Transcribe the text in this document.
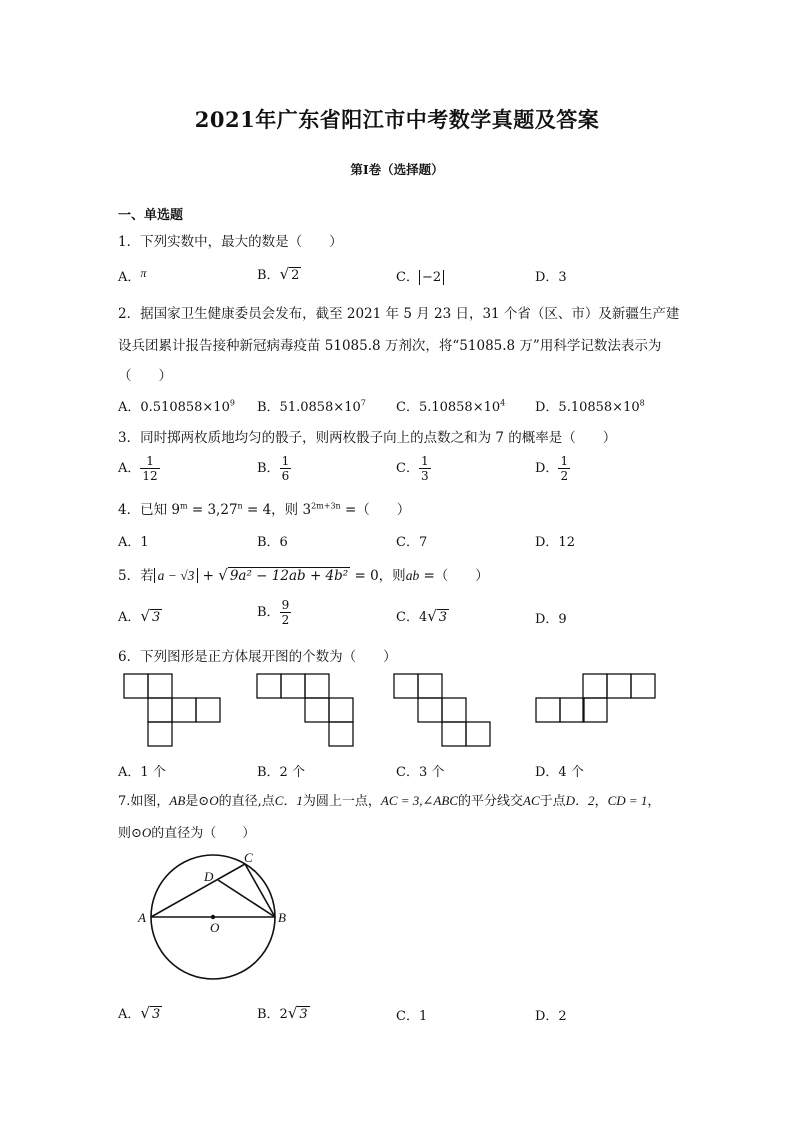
2021年广东省阳江市中考数学真题及答案
第Ⅰ卷（选择题）
一、单选题
1．下列实数中，最大的数是（　　）
A．π	B．√ 2	C． −2	D．3
2．据国家卫生健康委员会发布，截至 2021 年 5 月 23 日，31 个省（区、市）及新疆生产建
设兵团累计报告接种新冠病毒疫苗 51085.8 万剂次，将“51085.8 万”用科学记数法表示为
（　　）
A．$0.510858\times 10^9$ B．$51.0858\times 10^7$ C．$5.10858\times 10^4$ D．$5.10858\times 10^8$
3．同时掷两枚质地均匀的骰子，则两枚骰子向上的点数之和为 7 的概率是（　　）
A． $\frac{1}{12}$	B． $\frac{1}{6}$	C． $\frac{1}{3}$	D． $\frac{1}{2}$
4．已知 $9^m = 3,27^n = 4$，则 $3^{2m+3n}$ =（　　）
A．1	B．6	C．7	D．12
5．若 a − √3 + √ 9a² − 12ab + 4b² = 0，则ab =（　　）
A．√ 3	B． $\frac{9}{2}$	C．4√ 3	D．9
6．下列图形是正方体展开图的个数为（　　）
A	B
C
D
O
A．1 个	B．2 个	C．3 个	D．4 个
7.如图，AB是⊙O的直径,点C．1为圆上一点，AC = 3,∠ABC的平分线交AC于点D．2，CD = 1，
则⊙O的直径为（　　）
A．√ 3	B．2√ 3	C．1	D．2
